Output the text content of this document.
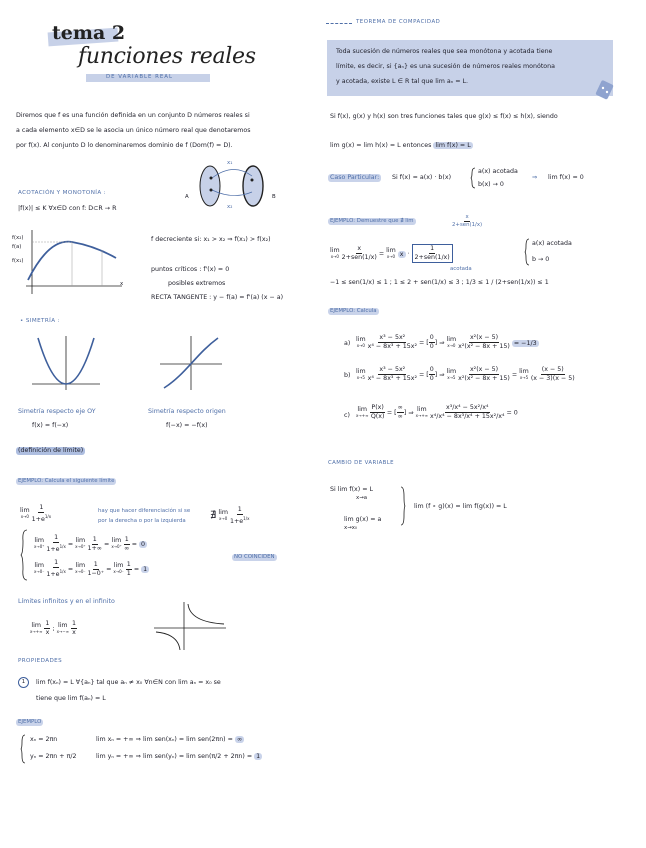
tema 2
funciones reales
DE VARIABLE REAL
Diremos que f es una función definida en un conjunto D números reales si
a cada elemento x∈D se le asocia un único número real que denotaremos
por f(x). Al conjunto D lo denominaremos dominio de f (Dom(f) = D).
ACOTACIÓN Y MONOTONÍA :
|f(x)| ≤ K ∀x∈D con f: D⊂R → R
A	B
x₁
x₂
f(x₂)
f(a)
f(x₁)
x
f decreciente si: x₁ > x₂ ⇒ f(x₁) > f(x₂)
puntos críticos : f'(x) = 0
posibles extremos
RECTA TANGENTE : y − f(a) = f'(a) (x − a)
• SIMETRÍA :
Simetría respecto eje OY
f(x) = f(−x)
Simetría respecto origen
f(−x) = −f(x)
(definición de límite)
EJEMPLO: Calcula el siguiente límite
lim
x→0
$\frac{1}{1+e^{1/x}}$	hay que hacer diferenciación si se
por la derecha o por la izquierda ∄ lim
x→0
$\frac{1}{1+e^{1/x}}$
lim
x→0⁺
$\frac{1}{1+e^{1/x}}$ =
lim
x→0⁺
$\frac{1}{1+\infty}$ =
lim
x→0⁺
$\frac{1}{\infty} = 0$
lim
x→0⁻
$\frac{1}{1+e^{1/x}}$ =
lim
x→0⁻
$\frac{1}{1-0^+}$ =
lim
x→0⁻
$\frac{1}{1} = 1$
NO COINCIDEN
Límites infinitos y en el infinito
lim
x→+∞
$\frac{1}{x}$ ;
lim
x→−∞
$\frac{1}{x}$
PROPIEDADES
1	lim f(xₙ) = L ∀{aₙ} tal que aₙ ≠ x₀ ∀n∈N con lim aₙ = x₀ se
tiene que lim f(aₙ) = L
EJEMPLO
xₙ = 2πn	lim xₙ = +∞ ⇒ lim sen(xₙ) = lim sen(2πn) = ∞
yₙ = 2πn + π/2	lim yₙ = +∞ ⇒ lim sen(yₙ) = lim sen(π/2 + 2πn) = 1
TEOREMA DE COMPACIDAD
Toda sucesión de números reales que sea monótona y acotada tiene
límite, es decir, si {aₙ} es una sucesión de números reales monótona
y acotada, existe L ∈ R tal que lim aₙ = L.
Si f(x), g(x) y h(x) son tres funciones tales que g(x) ≤ f(x) ≤ h(x), siendo
lim g(x) = lim h(x) = L entonces lim f(x) = L
Caso Particular:	Si f(x) = a(x) · b(x)
a(x) acotada
b(x) → 0
⇒ lim f(x) = 0
EJEMPLO: Demuestre que ∄ lim	$\frac{x}{\text{2+sen(1/x)}}$
lim
x→0
$\frac{x}{\text{2+sen(1/x)}}$ =
lim
x→0 $x \cdot \frac{1}{\text{2+sen(1/x)}}$
a(x) acotada
b → 0
acotada
−1 ≤ sen(1/x) ≤ 1 ; 1 ≤ 2 + sen(1/x) ≤ 3 ; 1/3 ≤ 1 / (2+sen(1/x)) ≤ 1
EJEMPLO: Calcula
a)
lim
x→0
$\frac{\text{x³ − 5x²}}{\text{x⁴ − 8x³ + 15x²}}$ = [ $\frac{0}{0}$ ] ⇒
lim
x→0
$\frac{\text{x²(x − 5)}}{\text{x²(x² − 8x + 15)}} = -1/3$
b)
lim
x→5
$\frac{\text{x³ − 5x²}}{\text{x⁴ − 8x³ + 15x²}}$ = [ $\frac{0}{0}$ ] ⇒
lim
x→5
$\frac{\text{x²(x − 5)}}{\text{x²(x² − 8x + 15)}}$ =
lim
x→5
$\frac{(x - 5)}{(x - 3)(x - 5)}$
c)
lim
x→+∞
$\frac{P(x)}{Q(x)}$ = [ $\frac{\infty}{\infty}$ ] ⇒
lim
x→+∞
$\frac{\text{x³/x⁴ − 5x²/x⁴}}{\text{x⁴/x⁴ − 8x³/x⁴ + 15x²/x⁴}} = 0$
CAMBIO DE VARIABLE
Si lim f(x) = L
x→a
lim g(x) = a
x→x₀
lim (f ∘ g)(x) = lim f(g(x)) = L
